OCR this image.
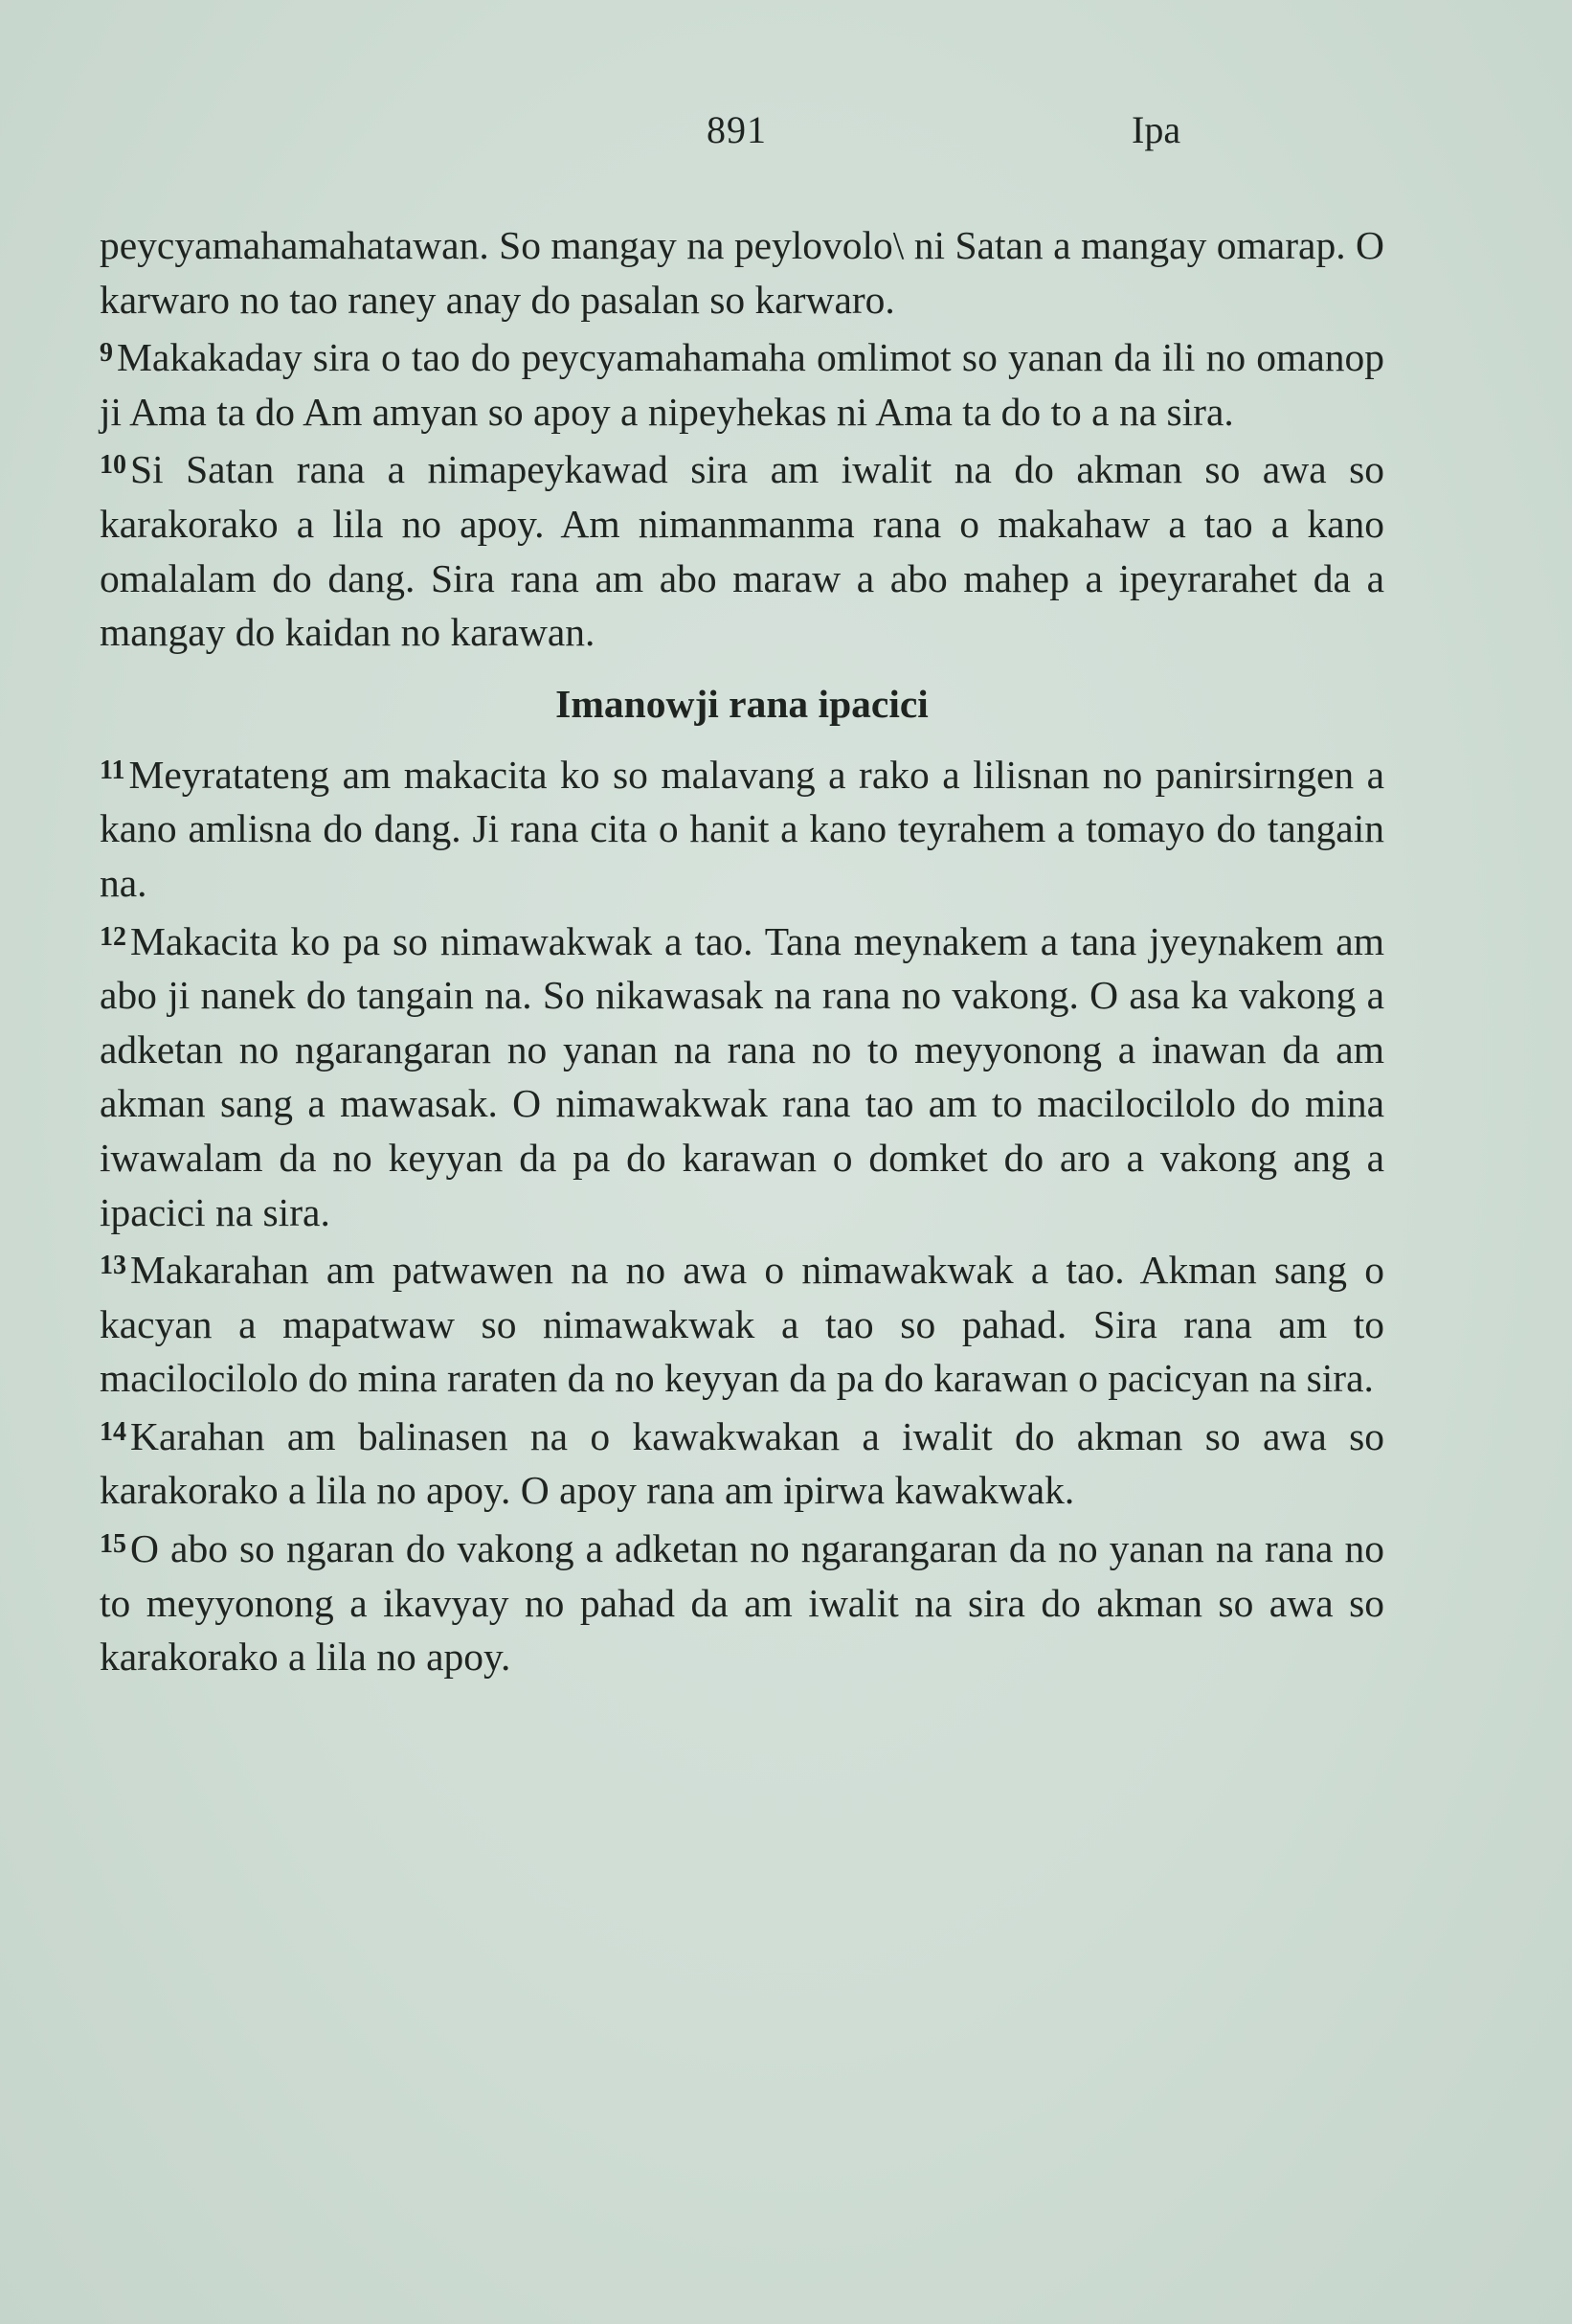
891	Ipa

peycyamahamahatawan. So mangay na peylovolo\ ni Satan a mangay omarap. O karwaro no tao raney anay do pasalan so karwaro.

$^9$Makakaday sira o tao do peycyamahamaha omlimot so yanan da ili no omanop ji Ama ta do Am amyan so apoy a nipeyhekas ni Ama ta do to a na sira.

$^{10}$Si Satan rana a nimapeykawad sira am iwalit na do akman so awa so karakorako a lila no apoy. Am nimanmanma rana o makahaw a tao a kano omalalam do dang. Sira rana am abo maraw a abo mahep a ipeyrarahet da a mangay do kaidan no karawan.

Imanowji rana ipacici

$^{11}$Meyratateng am makacita ko so malavang a rako a lilisnan no panirsirngen a kano amlisna do dang. Ji rana cita o hanit a kano teyrahem a tomayo do tangain na.

$^{12}$Makacita ko pa so nimawakwak a tao. Tana meynakem a tana jyeynakem am abo ji nanek do tangain na. So nikawasak na rana no vakong. O asa ka vakong a adketan no ngarangaran no yanan na rana no to meyyonong a inawan da am akman sang a mawasak. O nimawakwak rana tao am to macilocilolo do mina iwawalam da no keyyan da pa do karawan o domket do aro a vakong ang a ipacici na sira.

$^{13}$Makarahan am patwawen na no awa o nimawakwak a tao. Akman sang o kacyan a mapatwaw so nimawakwak a tao so pahad. Sira rana am to macilocilolo do mina raraten da no keyyan da pa do karawan o pacicyan na sira.

$^{14}$Karahan am balinasen na o kawakwakan a iwalit do akman so awa so karakorako a lila no apoy. O apoy rana am ipirwa kawakwak.

$^{15}$O abo so ngaran do vakong a adketan no ngarangaran da no yanan na rana no to meyyonong a ikavyay no pahad da am iwalit na sira do akman so awa so karakorako a lila no apoy.
